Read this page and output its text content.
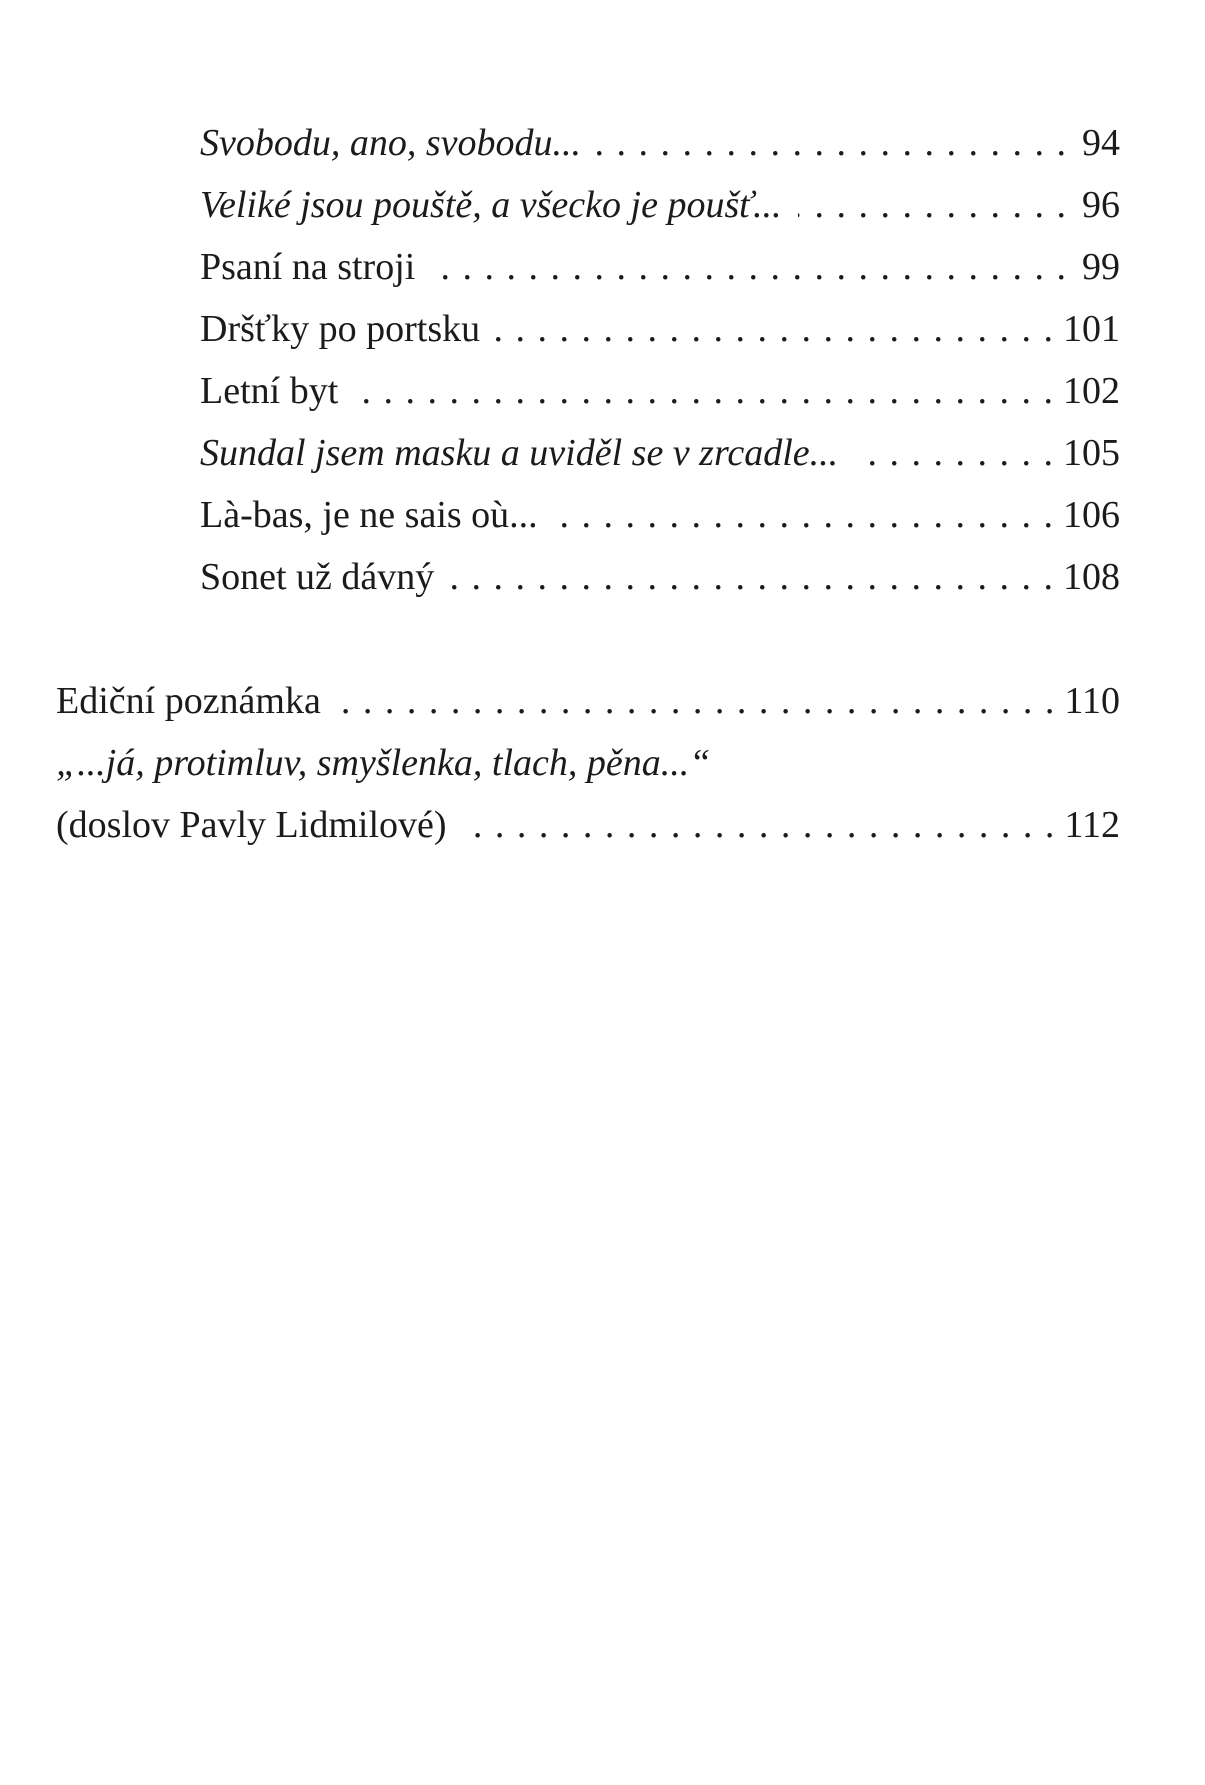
Svobodu, ano, svobodu... . . .	94
Veliké jsou pouště, a všecko je poušť... . . .	96
Psaní na stroji . . .	99
Dršťky po portsku . . .	101
Letní byt . . .	102
Sundal jsem masku a uviděl se v zrcadle... . . .	105
Là-bas, je ne sais où... . . .	106
Sonet už dávný . . .	108
Ediční poznámka . . .	110
„...já, protimluv, smyšlenka, tlach, pěna...“
(doslov Pavly Lidmilové) . . .	112
